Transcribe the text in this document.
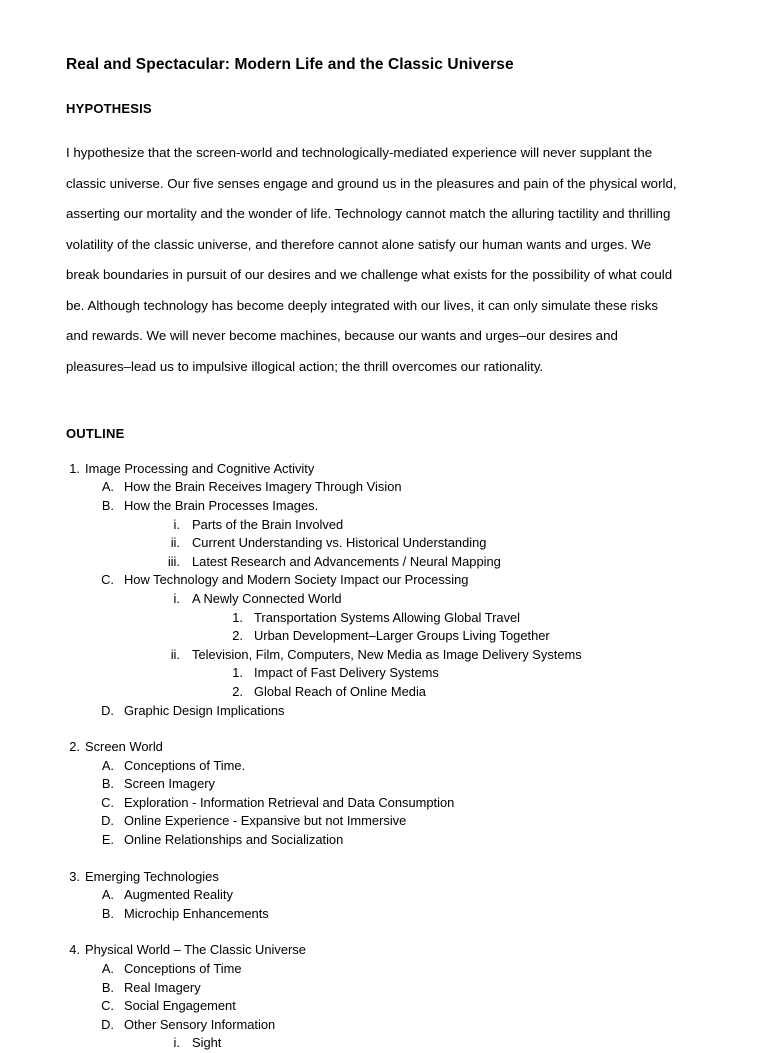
Real and Spectacular: Modern Life and the Classic Universe
HYPOTHESIS

I hypothesize that the screen-world and technologically-mediated experience will never supplant the classic universe. Our five senses engage and ground us in the pleasures and pain of the physical world, asserting our mortality and the wonder of life. Technology cannot match the alluring tactility and thrilling volatility of the classic universe, and therefore cannot alone satisfy our human wants and urges. We break boundaries in pursuit of our desires and we challenge what exists for the possibility of what could be. Although technology has become deeply integrated with our lives, it can only simulate these risks and rewards. We will never become machines, because our wants and urges–our desires and pleasures–lead us to impulsive illogical action; the thrill overcomes our rationality.

OUTLINE
1. Image Processing and Cognitive Activity
A. How the Brain Receives Imagery Through Vision
B. How the Brain Processes Images.
i. Parts of the Brain Involved
ii. Current Understanding vs. Historical Understanding
iii. Latest Research and Advancements / Neural Mapping
C. How Technology and Modern Society Impact our Processing
i. A Newly Connected World
1. Transportation Systems Allowing Global Travel
2. Urban Development–Larger Groups Living Together
ii. Television, Film, Computers, New Media as Image Delivery Systems
1. Impact of Fast Delivery Systems
2. Global Reach of Online Media
D. Graphic Design Implications
2. Screen World
A. Conceptions of Time.
B. Screen Imagery
C. Exploration - Information Retrieval and Data Consumption
D. Online Experience - Expansive but not Immersive
E. Online Relationships and Socialization
3. Emerging Technologies
A. Augmented Reality
B. Microchip Enhancements
4. Physical World – The Classic Universe
A. Conceptions of Time
B. Real Imagery
C. Social Engagement
D. Other Sensory Information
i. Sight
